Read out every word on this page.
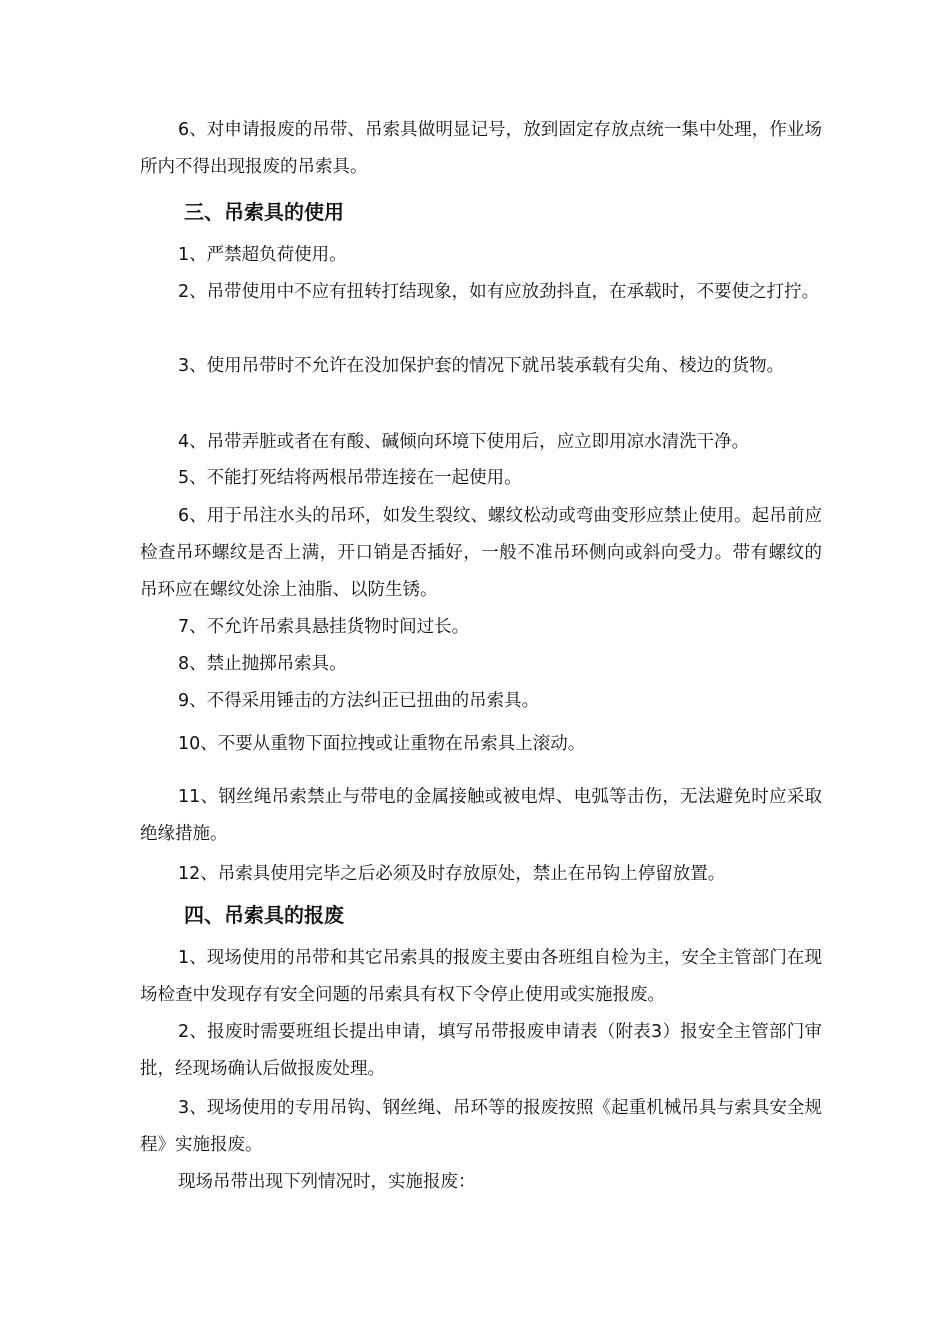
6、对申请报废的吊带、吊索具做明显记号，放到固定存放点统一集中处理，作业场所内不得出现报废的吊索具。

三、吊索具的使用

1、严禁超负荷使用。

2、吊带使用中不应有扭转打结现象，如有应放劲抖直，在承载时，不要使之打拧。

3、使用吊带时不允许在没加保护套的情况下就吊装承载有尖角、棱边的货物。

4、吊带弄脏或者在有酸、碱倾向环境下使用后，应立即用凉水清洗干净。

5、不能打死结将两根吊带连接在一起使用。

6、用于吊注水头的吊环，如发生裂纹、螺纹松动或弯曲变形应禁止使用。起吊前应检查吊环螺纹是否上满，开口销是否插好，一般不准吊环侧向或斜向受力。带有螺纹的吊环应在螺纹处涂上油脂、以防生锈。

7、不允许吊索具悬挂货物时间过长。

8、禁止抛掷吊索具。

9、不得采用锤击的方法纠正已扭曲的吊索具。

10、不要从重物下面拉拽或让重物在吊索具上滚动。

11、钢丝绳吊索禁止与带电的金属接触或被电焊、电弧等击伤，无法避免时应采取绝缘措施。

12、吊索具使用完毕之后必须及时存放原处，禁止在吊钩上停留放置。

四、吊索具的报废

1、现场使用的吊带和其它吊索具的报废主要由各班组自检为主，安全主管部门在现场检查中发现存有安全问题的吊索具有权下令停止使用或实施报废。

2、报废时需要班组长提出申请，填写吊带报废申请表（附表3）报安全主管部门审批，经现场确认后做报废处理。

3、现场使用的专用吊钩、钢丝绳、吊环等的报废按照《起重机械吊具与索具安全规程》实施报废。

现场吊带出现下列情况时，实施报废：
